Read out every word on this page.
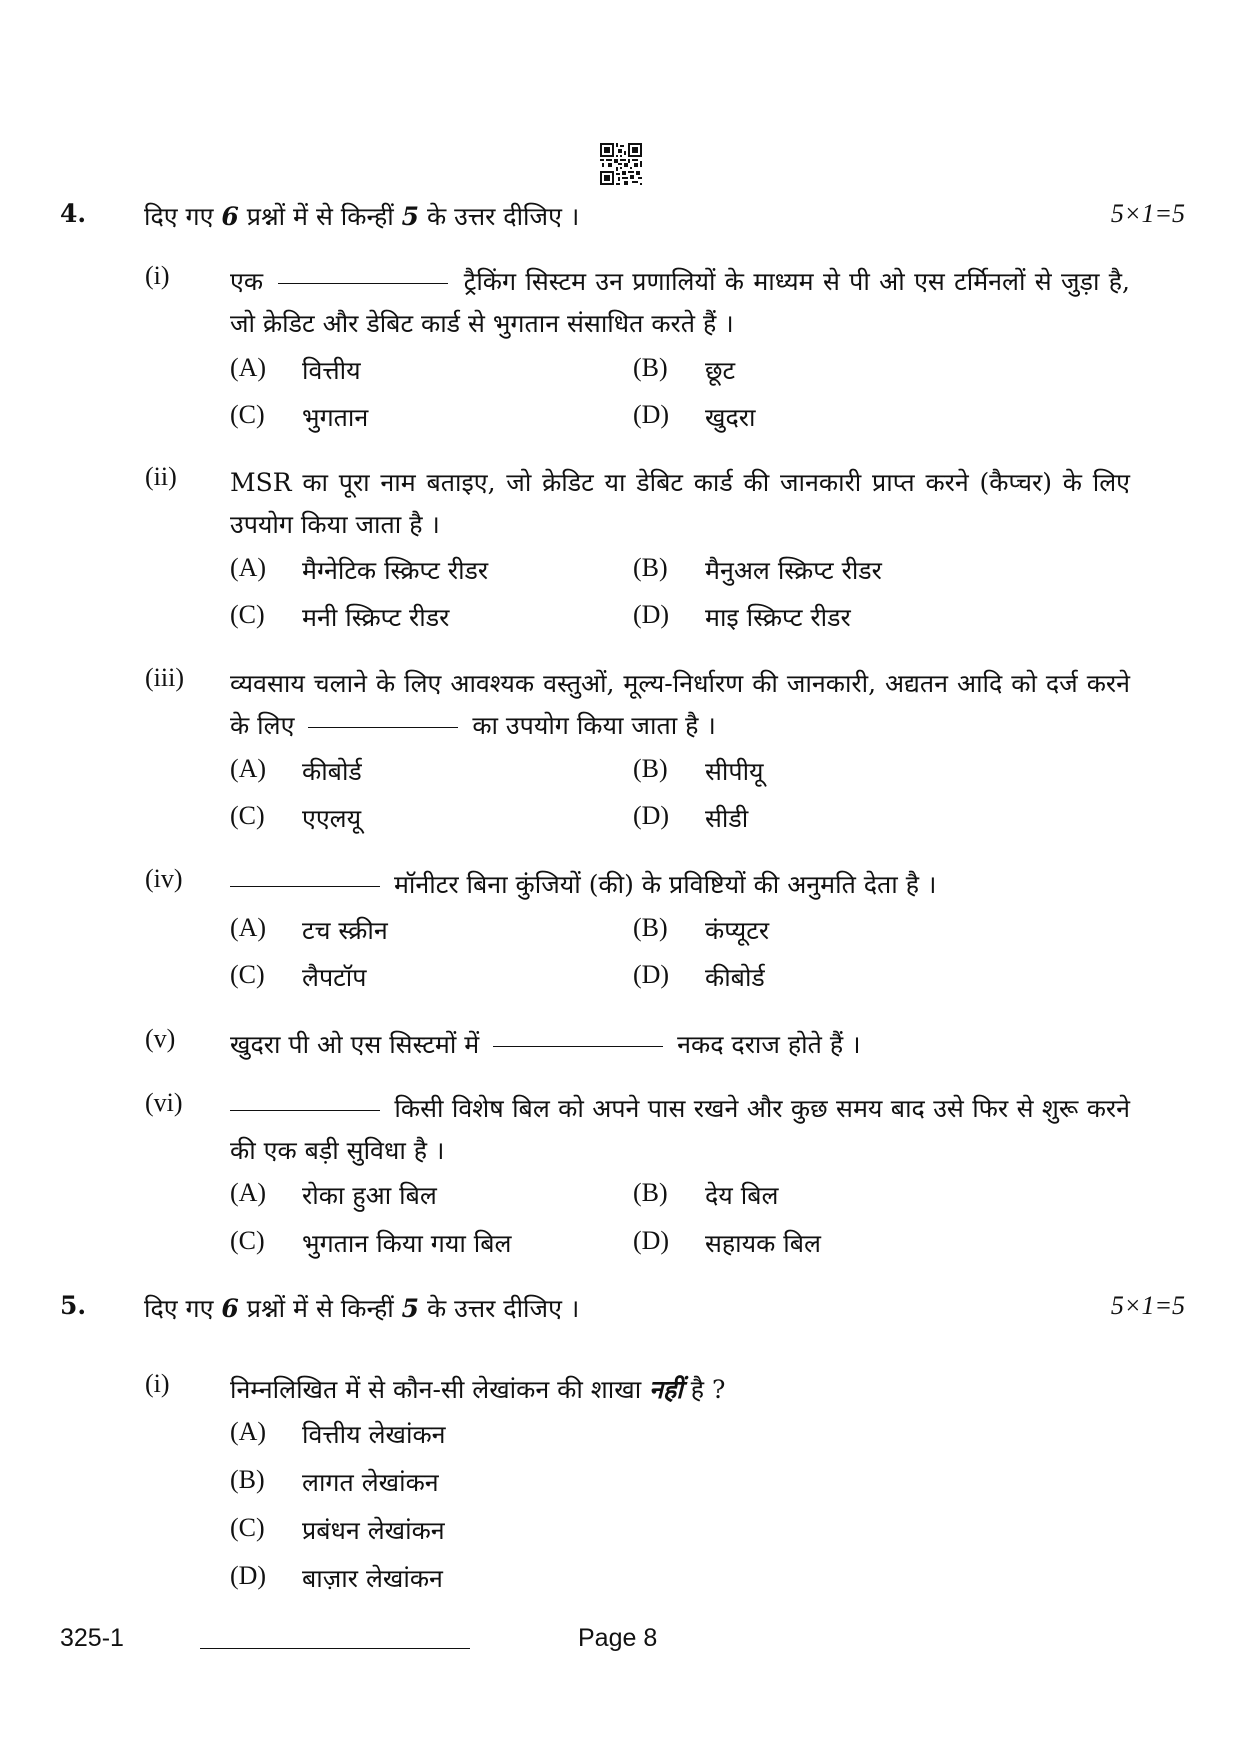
4. दिए गए 6 प्रश्नों में से किन्हीं 5 के उत्तर दीजिए ।	5×1=5
(i) एक	ट्रैकिंग सिस्टम उन प्रणालियों के माध्यम से पी ओ एस टर्मिनलों से जुड़ा है, जो क्रेडिट और डेबिट कार्ड से भुगतान संसाधित करते हैं ।
(A) वित्तीय	(B) छूट
(C) भुगतान	(D) खुदरा
(ii) MSR का पूरा नाम बताइए, जो क्रेडिट या डेबिट कार्ड की जानकारी प्राप्त करने (कैप्चर) के लिए उपयोग किया जाता है ।
(A) मैग्नेटिक स्क्रिप्ट रीडर	(B) मैनुअल स्क्रिप्ट रीडर
(C) मनी स्क्रिप्ट रीडर	(D) माइ स्क्रिप्ट रीडर
(iii) व्यवसाय चलाने के लिए आवश्यक वस्तुओं, मूल्य-निर्धारण की जानकारी, अद्यतन आदि को दर्ज करने के लिए	का उपयोग किया जाता है ।
(A) कीबोर्ड	(B) सीपीयू
(C) एएलयू	(D) सीडी
(iv)	मॉनीटर बिना कुंजियों (की) के प्रविष्टियों की अनुमति देता है ।
(A) टच स्क्रीन	(B) कंप्यूटर
(C) लैपटॉप	(D) कीबोर्ड
(v) खुदरा पी ओ एस सिस्टमों में	नकद दराज होते हैं ।
(vi)	किसी विशेष बिल को अपने पास रखने और कुछ समय बाद उसे फिर से शुरू करने की एक बड़ी सुविधा है ।
(A) रोका हुआ बिल	(B) देय बिल
(C) भुगतान किया गया बिल	(D) सहायक बिल
5. दिए गए 6 प्रश्नों में से किन्हीं 5 के उत्तर दीजिए ।	5×1=5
(i) निम्नलिखित में से कौन-सी लेखांकन की शाखा नहीं है ?
(A) वित्तीय लेखांकन
(B) लागत लेखांकन
(C) प्रबंधन लेखांकन
(D) बाज़ार लेखांकन
325-1	Page 8
